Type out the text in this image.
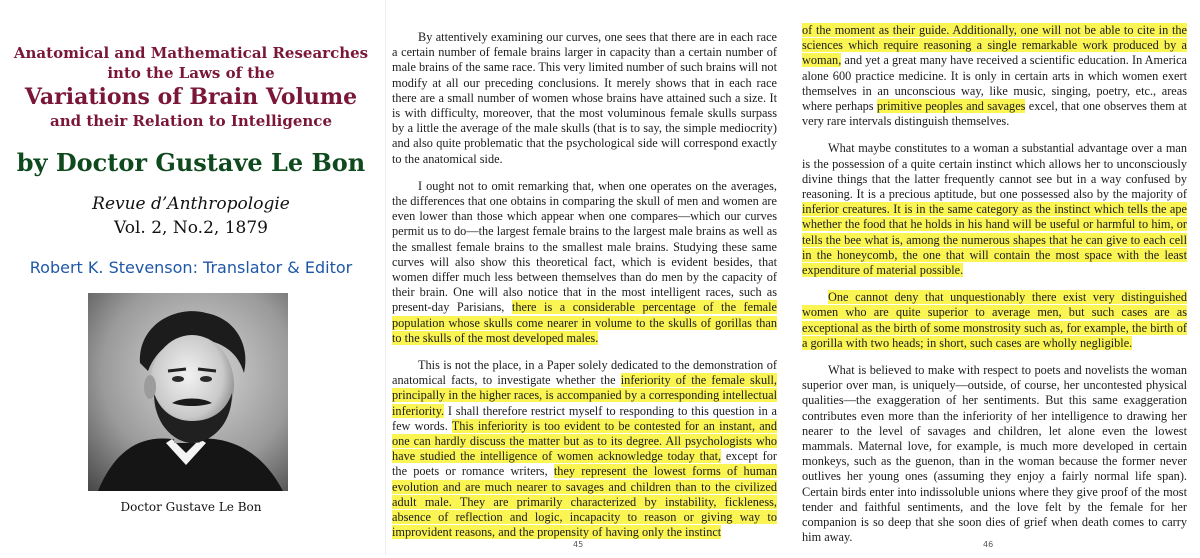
Anatomical and Mathematical Researches
into the Laws of the
Variations of Brain Volume
and their Relation to Intelligence
by Doctor Gustave Le Bon
Revue d’Anthropologie
Vol. 2, No.2, 1879
Robert K. Stevenson: Translator & Editor
Doctor Gustave Le Bon

By attentively examining our curves, one sees that there are in each race a certain number of female brains larger in capacity than a certain number of male brains of the same race. This very limited number of such brains will not modify at all our preceding conclusions. It merely shows that in each race there are a small number of women whose brains have attained such a size. It is with difficulty, moreover, that the most voluminous female skulls surpass by a little the average of the male skulls (that is to say, the simple mediocrity) and also quite problematic that the psychological side will correspond exactly to the anatomical side.

I ought not to omit remarking that, when one operates on the averages, the differences that one obtains in comparing the skull of men and women are even lower than those which appear when one compares—which our curves permit us to do—the largest female brains to the largest male brains as well as the smallest female brains to the smallest male brains. Studying these same curves will also show this theoretical fact, which is evident besides, that women differ much less between themselves than do men by the capacity of their brain. One will also notice that in the most intelligent races, such as present-day Parisians, there is a considerable percentage of the female population whose skulls come nearer in volume to the skulls of gorillas than to the skulls of the most developed males.

This is not the place, in a Paper solely dedicated to the demonstration of anatomical facts, to investigate whether the inferiority of the female skull, principally in the higher races, is accompanied by a corresponding intellectual inferiority. I shall therefore restrict myself to responding to this question in a few words. This inferiority is too evident to be contested for an instant, and one can hardly discuss the matter but as to its degree. All psychologists who have studied the intelligence of women acknowledge today that, except for the poets or romance writers, they represent the lowest forms of human evolution and are much nearer to savages and children than to the civilized adult male. They are primarily characterized by instability, fickleness, absence of reflection and logic, incapacity to reason or giving way to improvident reasons, and the propensity of having only the instinct

45

of the moment as their guide. Additionally, one will not be able to cite in the sciences which require reasoning a single remarkable work produced by a woman, and yet a great many have received a scientific education. In America alone 600 practice medicine. It is only in certain arts in which women exert themselves in an unconscious way, like music, singing, poetry, etc., areas where perhaps primitive peoples and savages excel, that one observes them at very rare intervals distinguish themselves.

What maybe constitutes to a woman a substantial advantage over a man is the possession of a quite certain instinct which allows her to unconsciously divine things that the latter frequently cannot see but in a way confused by reasoning. It is a precious aptitude, but one possessed also by the majority of inferior creatures. It is in the same category as the instinct which tells the ape whether the food that he holds in his hand will be useful or harmful to him, or tells the bee what is, among the numerous shapes that he can give to each cell in the honeycomb, the one that will contain the most space with the least expenditure of material possible.

One cannot deny that unquestionably there exist very distinguished women who are quite superior to average men, but such cases are as exceptional as the birth of some monstrosity such as, for example, the birth of a gorilla with two heads; in short, such cases are wholly negligible.

What is believed to make with respect to poets and novelists the woman superior over man, is uniquely—outside, of course, her uncontested physical qualities—the exaggeration of her sentiments. But this same exaggeration contributes even more than the inferiority of her intelligence to drawing her nearer to the level of savages and children, let alone even the lowest mammals. Maternal love, for example, is much more developed in certain monkeys, such as the guenon, than in the woman because the former never outlives her young ones (assuming they enjoy a fairly normal life span). Certain birds enter into indissoluble unions where they give proof of the most tender and faithful sentiments, and the love felt by the female for her companion is so deep that she soon dies of grief when death comes to carry him away.

46
